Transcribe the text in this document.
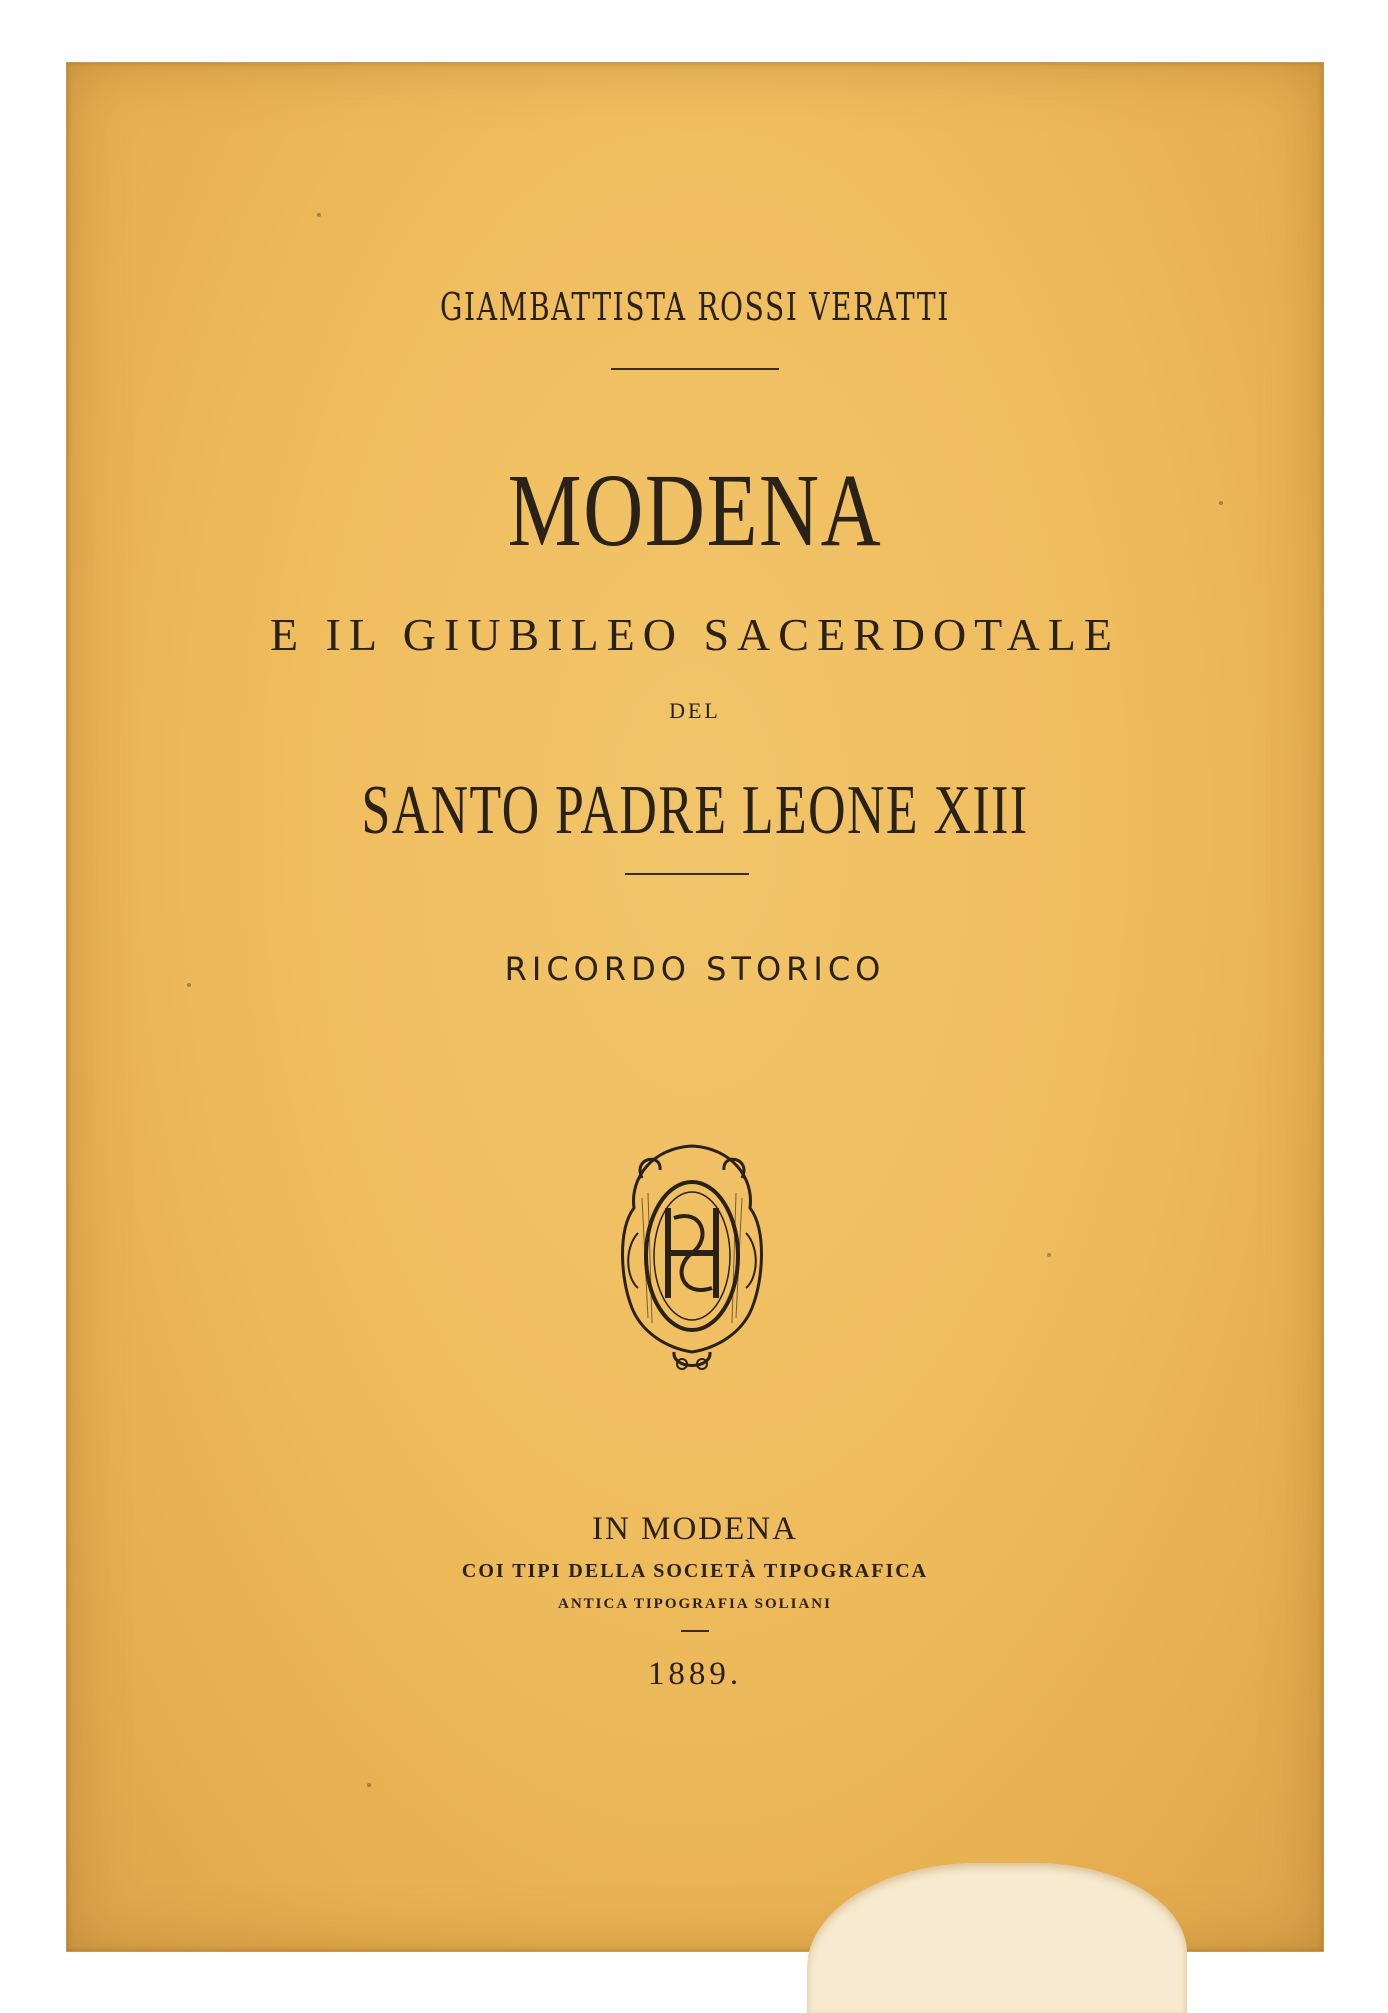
GIAMBATTISTA ROSSI VERATTI
MODENA
E IL GIUBILEO SACERDOTALE
DEL
SANTO PADRE LEONE XIII
RICORDO STORICO
IN MODENA
COI TIPI DELLA SOCIETÀ TIPOGRAFICA
ANTICA TIPOGRAFIA SOLIANI
1889.
